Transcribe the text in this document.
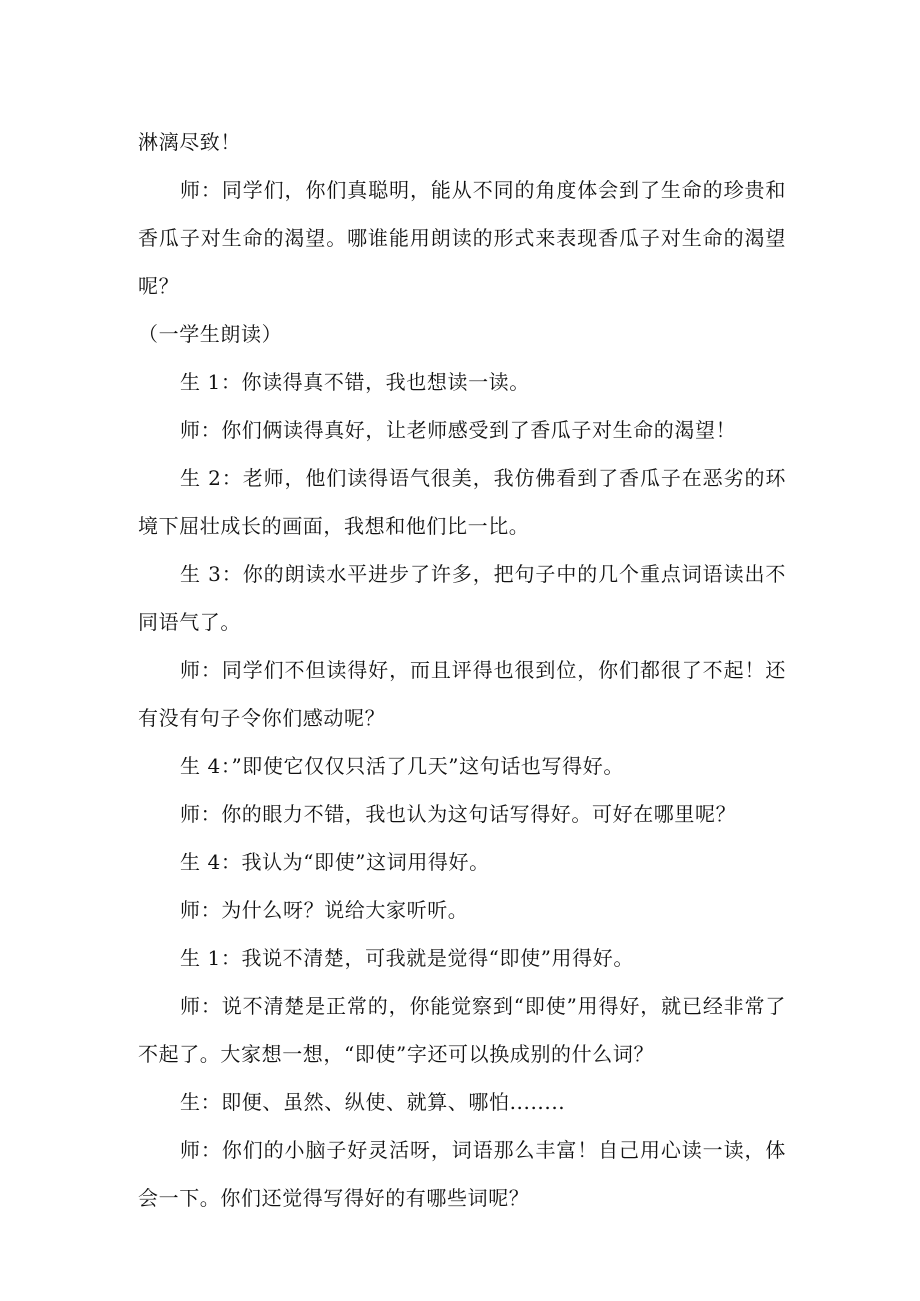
淋漓尽致！

师：同学们，你们真聪明，能从不同的角度体会到了生命的珍贵和香瓜子对生命的渴望。哪谁能用朗读的形式来表现香瓜子对生命的渴望呢？

（一学生朗读）

生 1：你读得真不错，我也想读一读。

师：你们俩读得真好，让老师感受到了香瓜子对生命的渴望！

生 2：老师，他们读得语气很美，我仿佛看到了香瓜子在恶劣的环境下屈壮成长的画面，我想和他们比一比。

生 3：你的朗读水平进步了许多，把句子中的几个重点词语读出不同语气了。

师：同学们不但读得好，而且评得也很到位，你们都很了不起！还有没有句子令你们感动呢？

生 4：”即使它仅仅只活了几天”这句话也写得好。

师：你的眼力不错，我也认为这句话写得好。可好在哪里呢？

生 4：我认为“即使”这词用得好。

师：为什么呀？说给大家听听。

生 1：我说不清楚，可我就是觉得“即使”用得好。

师：说不清楚是正常的，你能觉察到“即使”用得好，就已经非常了不起了。大家想一想，“即使”字还可以换成别的什么词？

生：即便、虽然、纵使、就算、哪怕........

师：你们的小脑子好灵活呀，词语那么丰富！自己用心读一读，体会一下。你们还觉得写得好的有哪些词呢？
